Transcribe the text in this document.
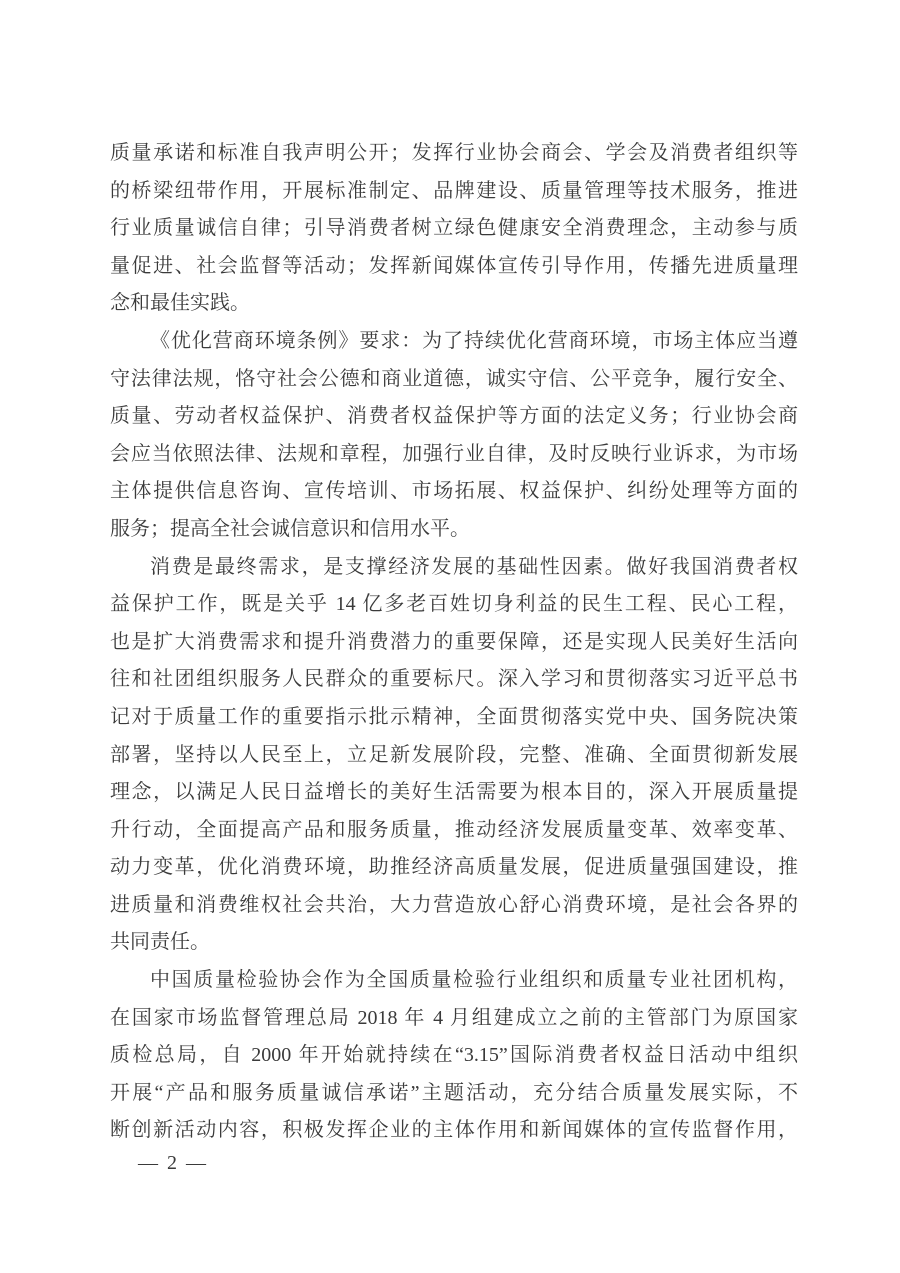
质量承诺和标准自我声明公开；发挥行业协会商会、学会及消费者组织等
的桥梁纽带作用，开展标准制定、品牌建设、质量管理等技术服务，推进
行业质量诚信自律；引导消费者树立绿色健康安全消费理念，主动参与质
量促进、社会监督等活动；发挥新闻媒体宣传引导作用，传播先进质量理
念和最佳实践。
《优化营商环境条例》要求：为了持续优化营商环境，市场主体应当遵
守法律法规，恪守社会公德和商业道德，诚实守信、公平竞争，履行安全、
质量、劳动者权益保护、消费者权益保护等方面的法定义务；行业协会商
会应当依照法律、法规和章程，加强行业自律，及时反映行业诉求，为市场
主体提供信息咨询、宣传培训、市场拓展、权益保护、纠纷处理等方面的
服务；提高全社会诚信意识和信用水平。
消费是最终需求，是支撑经济发展的基础性因素。做好我国消费者权
益保护工作，既是关乎 14 亿多老百姓切身利益的民生工程、民心工程，
也是扩大消费需求和提升消费潜力的重要保障，还是实现人民美好生活向
往和社团组织服务人民群众的重要标尺。深入学习和贯彻落实习近平总书
记对于质量工作的重要指示批示精神，全面贯彻落实党中央、国务院决策
部署，坚持以人民至上，立足新发展阶段，完整、准确、全面贯彻新发展
理念，以满足人民日益增长的美好生活需要为根本目的，深入开展质量提
升行动，全面提高产品和服务质量，推动经济发展质量变革、效率变革、
动力变革，优化消费环境，助推经济高质量发展，促进质量强国建设，推
进质量和消费维权社会共治，大力营造放心舒心消费环境，是社会各界的
共同责任。
中国质量检验协会作为全国质量检验行业组织和质量专业社团机构，
在国家市场监督管理总局 2018 年 4 月组建成立之前的主管部门为原国家
质检总局，自 2000 年开始就持续在“3.15”国际消费者权益日活动中组织
开展“产品和服务质量诚信承诺”主题活动，充分结合质量发展实际，不
断创新活动内容，积极发挥企业的主体作用和新闻媒体的宣传监督作用，
— 2 —
